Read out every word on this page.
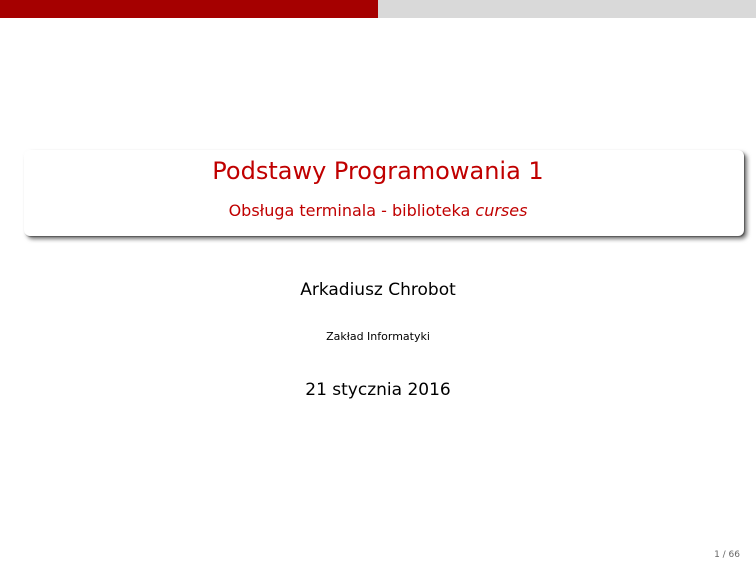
Podstawy Programowania 1
Obsługa terminala - biblioteka curses
Arkadiusz Chrobot
Zakład Informatyki
21 stycznia 2016
1 / 66
